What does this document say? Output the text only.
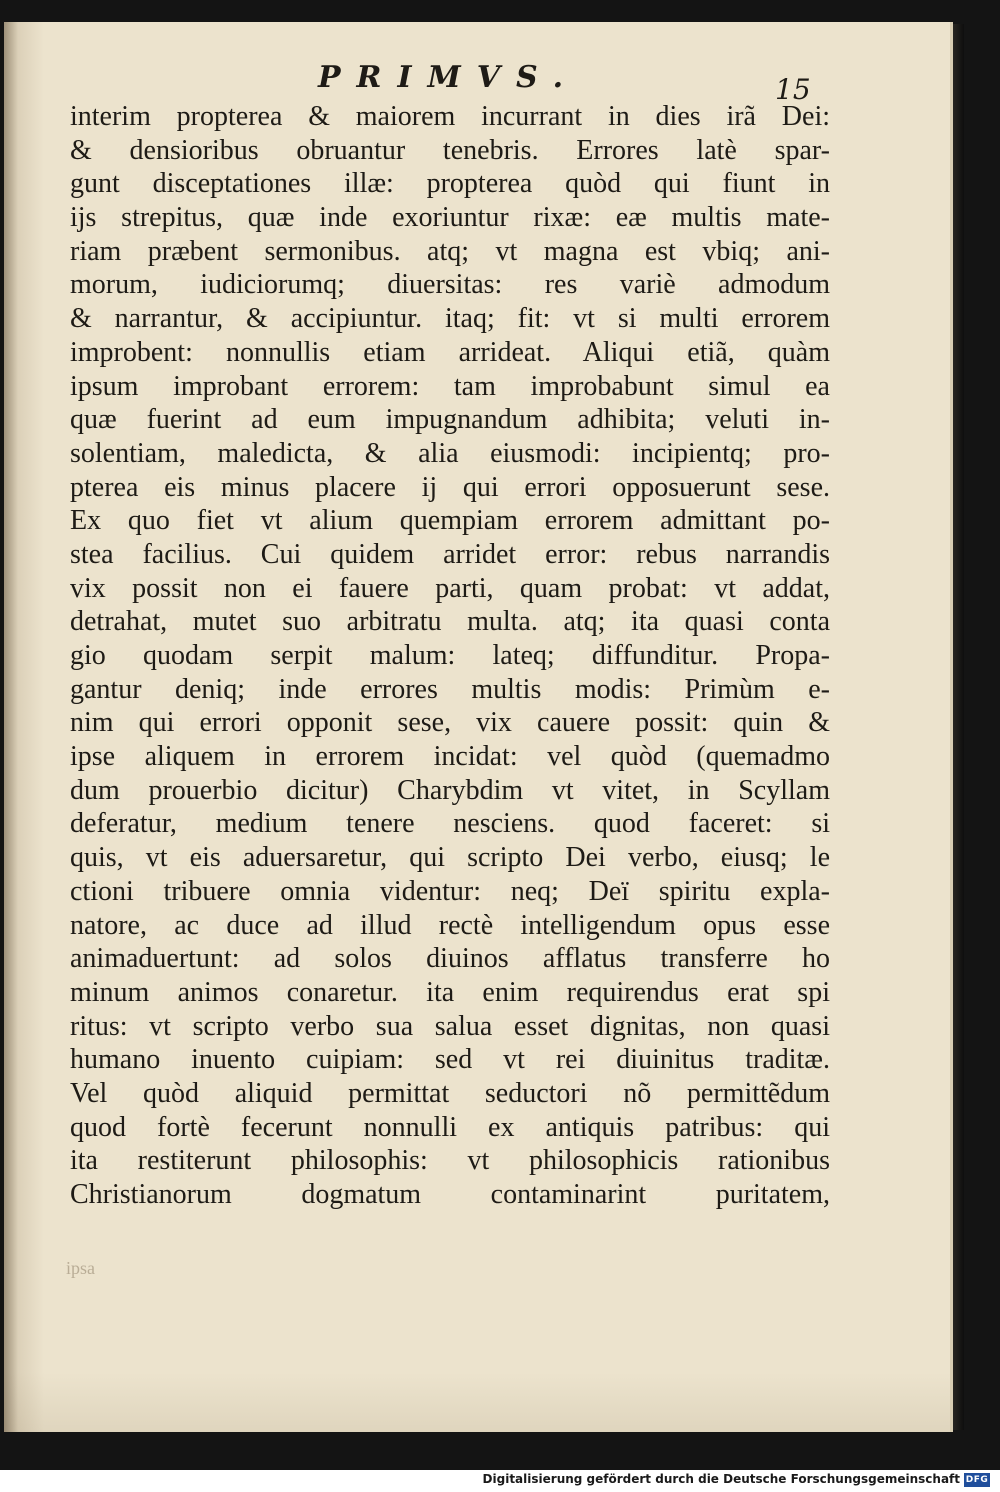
PRIMVS.	15
interim propterea & maiorem incurrant in dies irã Dei:
& densioribus obruantur tenebris. Errores latè spar-
gunt disceptationes illæ: propterea quòd qui fiunt in
ijs strepitus, quæ inde exoriuntur rixæ: eæ multis mate-
riam præbent sermonibus. atq; vt magna est vbiq; ani-
morum, iudiciorumq; diuersitas: res variè admodum
& narrantur, & accipiuntur. itaq; fit: vt si multi errorem
improbent: nonnullis etiam arrideat. Aliqui etiã, quàm
ipsum improbant errorem: tam improbabunt simul ea
quæ fuerint ad eum impugnandum adhibita; veluti in-
solentiam, maledicta, & alia eiusmodi: incipientq; pro-
pterea eis minus placere ij qui errori opposuerunt sese.
Ex quo fiet vt alium quempiam errorem admittant po-
stea facilius. Cui quidem arridet error: rebus narrandis
vix possit non ei fauere parti, quam probat: vt addat,
detrahat, mutet suo arbitratu multa. atq; ita quasi conta
gio quodam serpit malum: lateq; diffunditur. Propa-
gantur deniq; inde errores multis modis: Primùm e-
nim qui errori opponit sese, vix cauere possit: quin &
ipse aliquem in errorem incidat: vel quòd (quemadmo
dum prouerbio dicitur) Charybdim vt vitet, in Scyllam
deferatur, medium tenere nesciens. quod faceret: si
quis, vt eis aduersaretur, qui scripto Dei verbo, eiusq; le
ctioni tribuere omnia videntur: neq; Deï spiritu expla-
natore, ac duce ad illud rectè intelligendum opus esse
animaduertunt: ad solos diuinos afflatus transferre ho
minum animos conaretur. ita enim requirendus erat spi
ritus: vt scripto verbo sua salua esset dignitas, non quasi
humano inuento cuipiam: sed vt rei diuinitus traditæ.
Vel quòd aliquid permittat seductori nõ permittẽdum
quod fortè fecerunt nonnulli ex antiquis patribus: qui
ita restiterunt philosophis: vt philosophicis rationibus
Christianorum dogmatum contaminarint puritatem,
ipsa
Digitalisierung gefördert durch die Deutsche Forschungsgemeinschaft DFG
